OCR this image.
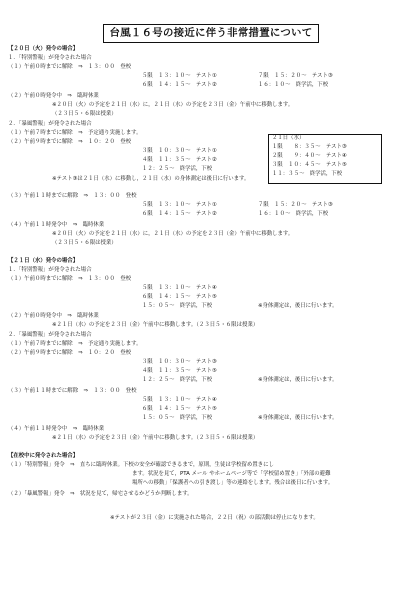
台風１６号の接近に伴う非常措置について
【２０日（火）発令の場合】
１．「特別警報」が発令された場合
（１）午前０時までに解除　⇒　１３：００　登校
５限　１３：１０～　テスト①	７限　１５：２０～　テスト③
６限　１４：１５～　テスト②	１６：１０～　終学活，下校
（２）午前０時発令中　⇒　臨時休業
※２０日（火）の予定を２１日（水）に，２１日（水）の予定を２３日（金）午前中に移動します。
（２３日５・６限は授業）
２．「暴風警報」が発令された場合
（１）午前７時までに解除　⇒　予定通り実施します。
（２）午前９時までに解除　⇒　１０：２０　登校
３限　１０：３０～　テスト①
４限　１１：３５～　テスト②
１２：２５～　終学活，下校
２１日（水）
１限　　８：３５～　テスト③
２限　　９：４０～　テスト④
３限　１０：４５～　テスト⑤
１１：３５～　終学活，下校
※テスト③は２１日（水）に移動し，２１日（水）の身体測定は後日に行います。
（３）午前１１時までに解除　⇒　１３：００　登校
５限　１３：１０～　テスト①	７限　１５：２０～　テスト③
６限　１４：１５～　テスト②	１６：１０～　終学活，下校
（４）午前１１時発令中　⇒　臨時休業
※２０日（火）の予定を２１日（水）に，２１日（水）の予定を２３日（金）午前中に移動します。
（２３日５・６限は授業）
【２１日（水）発令の場合】
１．「特別警報」が発令された場合
（１）午前０時までに解除　⇒　１３：００　登校
５限　１３：１０～　テスト④
６限　１４：１５～　テスト⑤
１５：０５～　終学活，下校	※身体測定は，後日に行います。
（２）午前０時発令中　⇒　臨時休業
※２１日（水）の予定を２３日（金）午前中に移動します。（２３日５・６限は授業）
２．「暴風警報」が発令された場合
（１）午前７時までに解除　⇒　予定通り実施します。
（２）午前９時までに解除　⇒　１０：２０　登校
３限　１０：３０～　テスト③
４限　１１：３５～　テスト⑤
１２：２５～　終学活，下校	※身体測定は，後日に行います。
（３）午前１１時までに解除　⇒　１３：００　登校
５限　１３：１０～　テスト④
６限　１４：１５～　テスト⑤
１５：０５～　終学活，下校	※身体測定は，後日に行います。
（４）午前１１時発令中　⇒　臨時休業
※２１日（水）の予定を２３日（金）午前中に移動します。（２３日５・６限は授業）
【在校中に発令された場合】
（１）「特別警報」発令　⇒　直ちに臨時休業。下校の安全が確認できるまで，原則，生徒は学校留め置きにし
ます。状況を見て，PTA メール やホームページ等で「学校留め置き」「外部の避難
場所への移動」「保護者への引き渡し」等の連絡をします。残合は後日に行います。
（２）「暴風警報」発令　⇒　状況を見て，帰宅させるかどうか判断します。
※テストが２３日（金）に実施された場合，２２日（祝）の部活動は停止になります。
